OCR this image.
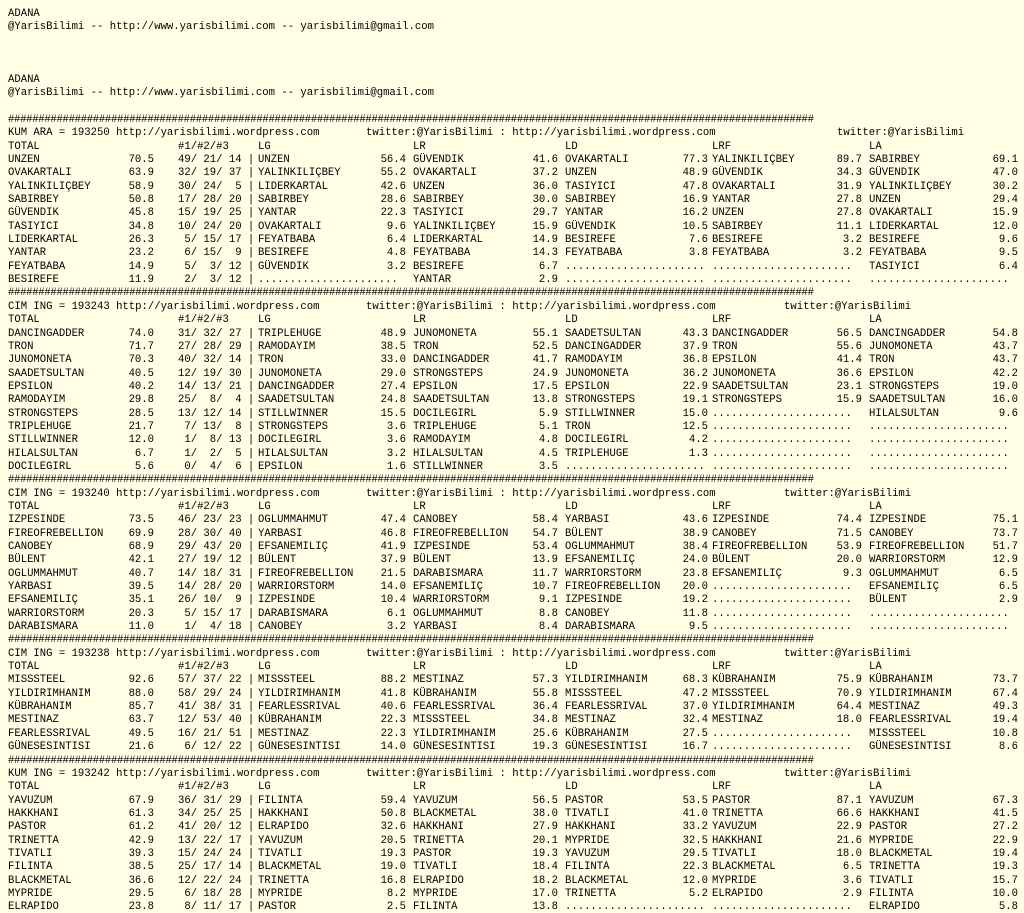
ADANA
@YarisBilimi -- http://www.yarisbilimi.com -- yarisbilimi@gmail.com
ADANA
@YarisBilimi -- http://www.yarisbilimi.com -- yarisbilimi@gmail.com
#####################################################################################################################################
KUM ARA = 193250 http://yarisbilimi.wordpress.com	twitter:@YarisBilimi : http://yarisbilimi.wordpress.com	twitter:@YarisBilimi
TOTAL	#1/#2/#3	LG	LR	LD	LRF	LA
UNZEN	70.5 49/ 21/ 14 | UNZEN	56.4 GÜVENDIK	41.6 OVAKARTALI	77.3 YALINKILIÇBEY	89.7 SABIRBEY	69.1
OVAKARTALI	63.9 32/ 19/ 37 | YALINKILIÇBEY	55.2 OVAKARTALI	37.2 UNZEN	48.9 GÜVENDIK	34.3 GÜVENDIK	47.0
YALINKILIÇBEY	58.9 30/ 24/  5 | LIDERKARTAL	42.6 UNZEN	36.0 TASIYICI	47.8 OVAKARTALI	31.9 YALINKILIÇBEY	30.2
SABIRBEY	50.8 17/ 28/ 20 | SABIRBEY	28.6 SABIRBEY	30.0 SABIRBEY	16.9 YANTAR	27.8 UNZEN	29.4
GÜVENDIK	45.8 15/ 19/ 25 | YANTAR	22.3 TASIYICI	29.7 YANTAR	16.2 UNZEN	27.8 OVAKARTALI	15.9
TASIYICI	34.8 10/ 24/ 20 | OVAKARTALI	9.6 YALINKILIÇBEY	15.9 GÜVENDIK	10.5 SABIRBEY	11.1 LIDERKARTAL	12.0
LIDERKARTAL	26.3 5/ 15/ 17 | FEYATBABA	6.4 LIDERKARTAL	14.9 BESIREFE	7.6 BESIREFE	3.2 BESIREFE	9.6
YANTAR	23.2 6/ 15/  9 | BESIREFE	4.8 FEYATBABA	14.3 FEYATBABA	3.8 FEYATBABA	3.2 FEYATBABA	9.5
FEYATBABA	14.9 5/  3/ 12 | GÜVENDIK	3.2 BESIREFE	6.7 ...................... ...................... TASIYICI	6.4
BESIREFE	11.9 2/  3/ 12 | ...................... YANTAR	2.9 ...................... ...................... ......................
#####################################################################################################################################
CIM ING = 193243 http://yarisbilimi.wordpress.com	twitter:@YarisBilimi : http://yarisbilimi.wordpress.com	twitter:@YarisBilimi
TOTAL	#1/#2/#3	LG	LR	LD	LRF	LA
DANCINGADDER	74.0 31/ 32/ 27 | TRIPLEHUGE	48.9 JUNOMONETA	55.1 SAADETSULTAN	43.3 DANCINGADDER	56.5 DANCINGADDER	54.8
TRON	71.7 27/ 28/ 29 | RAMODAYIM	38.5 TRON	52.5 DANCINGADDER	37.9 TRON	55.6 JUNOMONETA	43.7
JUNOMONETA	70.3 40/ 32/ 14 | TRON	33.0 DANCINGADDER	41.7 RAMODAYIM	36.8 EPSILON	41.4 TRON	43.7
SAADETSULTAN	40.5 12/ 19/ 30 | JUNOMONETA	29.0 STRONGSTEPS	24.9 JUNOMONETA	36.2 JUNOMONETA	36.6 EPSILON	42.2
EPSILON	40.2 14/ 13/ 21 | DANCINGADDER	27.4 EPSILON	17.5 EPSILON	22.9 SAADETSULTAN	23.1 STRONGSTEPS	19.0
RAMODAYIM	29.8 25/  8/  4 | SAADETSULTAN	24.8 SAADETSULTAN	13.8 STRONGSTEPS	19.1 STRONGSTEPS	15.9 SAADETSULTAN	16.0
STRONGSTEPS	28.5 13/ 12/ 14 | STILLWINNER	15.5 DOCILEGIRL	5.9 STILLWINNER	15.0 ...................... HILALSULTAN	9.6
TRIPLEHUGE	21.7 7/ 13/  8 | STRONGSTEPS	3.6 TRIPLEHUGE	5.1 TRON	12.5 ...................... ......................
STILLWINNER	12.0 1/  8/ 13 | DOCILEGIRL	3.6 RAMODAYIM	4.8 DOCILEGIRL	4.2 ...................... ......................
HILALSULTAN	6.7 1/  2/  5 | HILALSULTAN	3.2 HILALSULTAN	4.5 TRIPLEHUGE	1.3 ...................... ......................
DOCILEGIRL	5.6 0/  4/  6 | EPSILON	1.6 STILLWINNER	3.5 ...................... ...................... ......................
#####################################################################################################################################
CIM ING = 193240 http://yarisbilimi.wordpress.com	twitter:@YarisBilimi : http://yarisbilimi.wordpress.com	twitter:@YarisBilimi
TOTAL	#1/#2/#3	LG	LR	LD	LRF	LA
IZPESINDE	73.5 46/ 23/ 23 | OGLUMMAHMUT	47.4 CANOBEY	58.4 YARBASI	43.6 IZPESINDE	74.4 IZPESINDE	75.1
FIREOFREBELLION 69.9 28/ 30/ 40 | YARBASI	46.8 FIREOFREBELLION 54.7 BÜLENT	38.9 CANOBEY	71.5 CANOBEY	73.7
CANOBEY	68.9 29/ 43/ 20 | EFSANEMILIÇ	41.9 IZPESINDE	53.4 OGLUMMAHMUT	38.4 FIREOFREBELLION	53.9 FIREOFREBELLION	51.7
BÜLENT	42.1 27/ 19/ 12 | BÜLENT	37.9 BÜLENT	13.9 EFSANEMILIÇ	24.0 BÜLENT	20.0 WARRIORSTORM	12.9
OGLUMMAHMUT	40.7 14/ 18/ 31 | FIREOFREBELLION	21.5 DARABISMARA	11.7 WARRIORSTORM	23.8 EFSANEMILIÇ	9.3 OGLUMMAHMUT	6.5
YARBASI	39.5 14/ 28/ 20 | WARRIORSTORM	14.0 EFSANEMILIÇ	10.7 FIREOFREBELLION 20.0 ...................... EFSANEMILIÇ	6.5
EFSANEMILIÇ	35.1 26/ 10/  9 | IZPESINDE	10.4 WARRIORSTORM	9.1 IZPESINDE	19.2 ...................... BÜLENT	2.9
WARRIORSTORM	20.3 5/ 15/ 17 | DARABISMARA	6.1 OGLUMMAHMUT	8.8 CANOBEY	11.8 ...................... ......................
DARABISMARA	11.0 1/  4/ 18 | CANOBEY	3.2 YARBASI	8.4 DARABISMARA	9.5 ...................... ......................
#####################################################################################################################################
CIM ING = 193238 http://yarisbilimi.wordpress.com	twitter:@YarisBilimi : http://yarisbilimi.wordpress.com	twitter:@YarisBilimi
TOTAL	#1/#2/#3	LG	LR	LD	LRF	LA
MISSSTEEL	92.6 57/ 37/ 22 | MISSSTEEL	88.2 MESTINAZ	57.3 YILDIRIMHANIM	68.3 KÜBRAHANIM	75.9 KÜBRAHANIM	73.7
YILDIRIMHANIM	88.0 58/ 29/ 24 | YILDIRIMHANIM	41.8 KÜBRAHANIM	55.8 MISSSTEEL	47.2 MISSSTEEL	70.9 YILDIRIMHANIM	67.4
KÜBRAHANIM	85.7 41/ 38/ 31 | FEARLESSRIVAL	40.6 FEARLESSRIVAL	36.4 FEARLESSRIVAL	37.0 YILDIRIMHANIM	64.4 MESTINAZ	49.3
MESTINAZ	63.7 12/ 53/ 40 | KÜBRAHANIM	22.3 MISSSTEEL	34.8 MESTINAZ	32.4 MESTINAZ	18.0 FEARLESSRIVAL	19.4
FEARLESSRIVAL	49.5 16/ 21/ 51 | MESTINAZ	22.3 YILDIRIMHANIM	25.6 KÜBRAHANIM	27.5 ...................... MISSSTEEL	10.8
GÜNESESINTISI	21.6 6/ 12/ 22 | GÜNESESINTISI	14.0 GÜNESESINTISI	19.3 GÜNESESINTISI	16.7 ...................... GÜNESESINTISI	8.6
#####################################################################################################################################
KUM ING = 193242 http://yarisbilimi.wordpress.com	twitter:@YarisBilimi : http://yarisbilimi.wordpress.com	twitter:@YarisBilimi
TOTAL	#1/#2/#3	LG	LR	LD	LRF	LA
YAVUZUM	67.9 36/ 31/ 29 | FILINTA	59.4 YAVUZUM	56.5 PASTOR	53.5 PASTOR	87.1 YAVUZUM	67.3
HAKKHANI	61.3 34/ 25/ 25 | HAKKHANI	50.8 BLACKMETAL	38.0 TIVATLI	41.0 TRINETTA	66.6 HAKKHANI	41.5
PASTOR	61.2 41/ 20/ 12 | ELRAPIDO	32.6 HAKKHANI	27.9 HAKKHANI	33.2 YAVUZUM	22.9 PASTOR	27.2
TRINETTA	42.9 13/ 22/ 17 | YAVUZUM	20.5 TRINETTA	20.1 MYPRIDE	32.5 HAKKHANI	21.6 MYPRIDE	22.9
TIVATLI	39.3 15/ 24/ 24 | TIVATLI	19.3 PASTOR	19.3 YAVUZUM	29.5 TIVATLI	18.0 BLACKMETAL	19.4
FILINTA	38.5 25/ 17/ 14 | BLACKMETAL	19.0 TIVATLI	18.4 FILINTA	22.3 BLACKMETAL	6.5 TRINETTA	19.3
BLACKMETAL	36.6 12/ 22/ 24 | TRINETTA	16.8 ELRAPIDO	18.2 BLACKMETAL	12.0 MYPRIDE	3.6 TIVATLI	15.7
MYPRIDE	29.5 6/ 18/ 28 | MYPRIDE	8.2 MYPRIDE	17.0 TRINETTA	5.2 ELRAPIDO	2.9 FILINTA	10.0
ELRAPIDO	23.8 8/ 11/ 17 | PASTOR	2.5 FILINTA	13.8 ...................... ...................... ELRAPIDO	5.8
